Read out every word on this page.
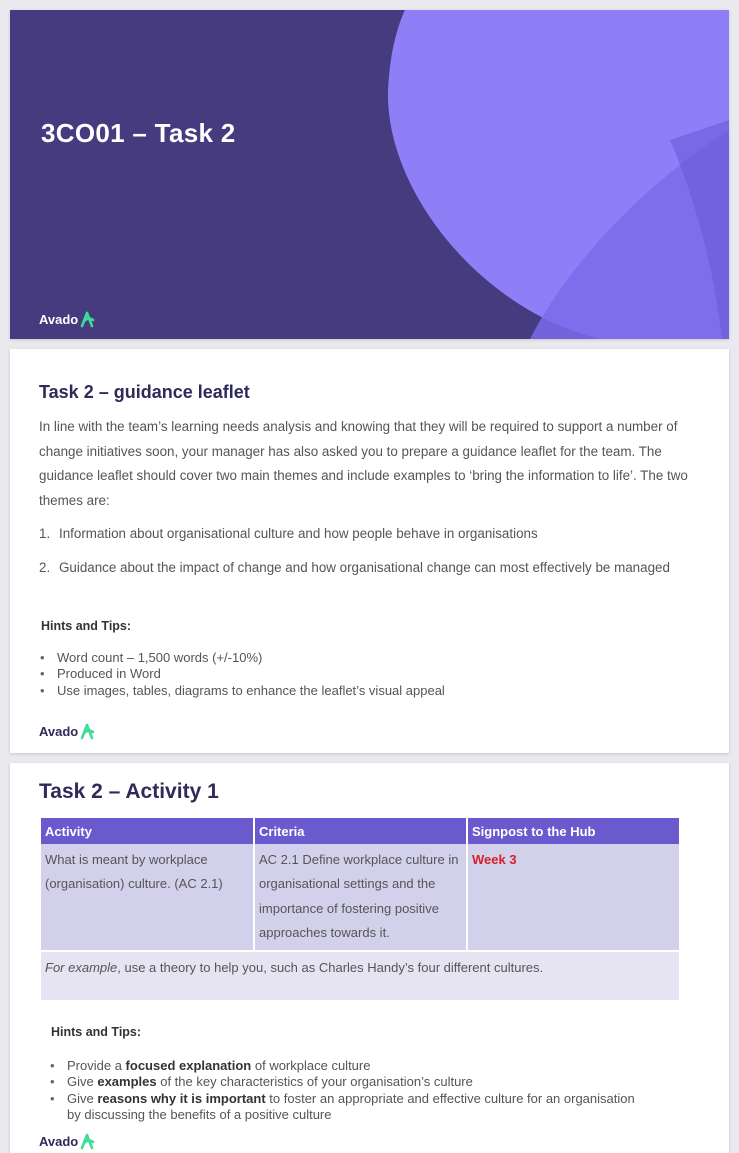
3CO01 – Task 2
Avado
Task 2 – guidance leaflet
In line with the team’s learning needs analysis and knowing that they will be required to support a number of change initiatives soon, your manager has also asked you to prepare a guidance leaflet for the team. The guidance leaflet should cover two main themes and include examples to ‘bring the information to life’. The two themes are:
1. Information about organisational culture and how people behave in organisations
2. Guidance about the impact of change and how organisational change can most effectively be managed
Hints and Tips:
• Word count – 1,500 words (+/-10%)
• Produced in Word
• Use images, tables, diagrams to enhance the leaflet’s visual appeal
Avado
Task 2 – Activity 1
Activity	Criteria	Signpost to the Hub
What is meant by workplace (organisation) culture. (AC 2.1)	AC 2.1 Define workplace culture in organisational settings and the importance of fostering positive approaches towards it.	Week 3
For example, use a theory to help you, such as Charles Handy’s four different cultures.		
Hints and Tips:
• Provide a focused explanation of workplace culture
• Give examples of the key characteristics of your organisation’s culture
• Give reasons why it is important to foster an appropriate and effective culture for an organisation by discussing the benefits of a positive culture
Avado
